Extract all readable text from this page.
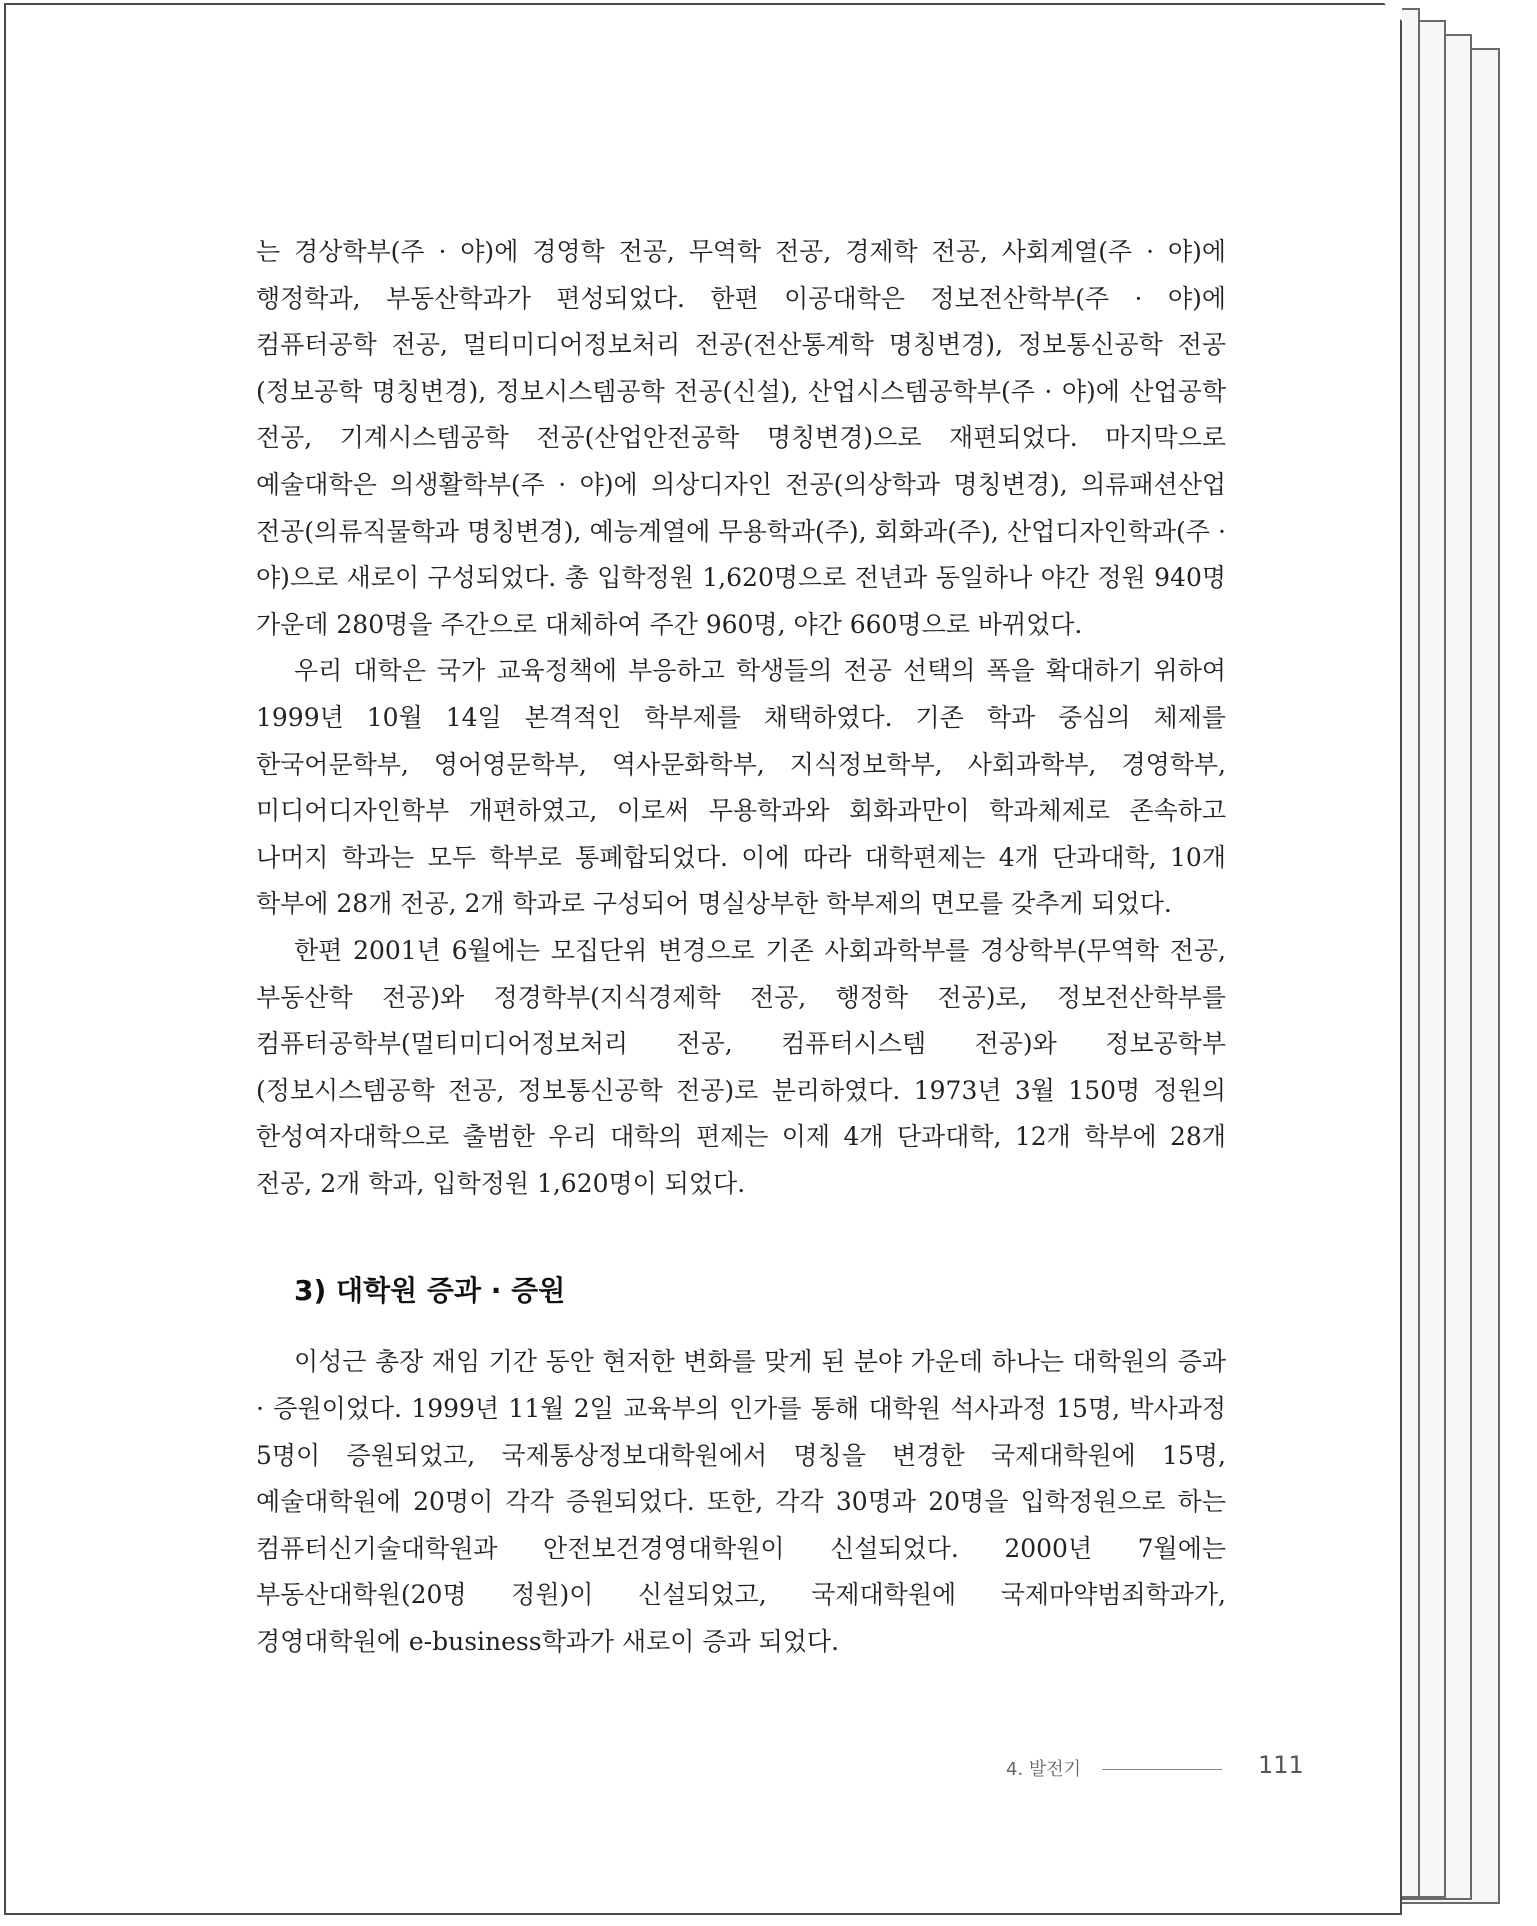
는 경상학부(주 · 야)에 경영학 전공, 무역학 전공, 경제학 전공, 사회계열(주 · 야)에 행정학과, 부동산학과가 편성되었다. 한편 이공대학은 정보전산학부(주 · 야)에 컴퓨터공학 전공, 멀티미디어정보처리 전공(전산통계학 명칭변경), 정보통신공학 전공(정보공학 명칭변경), 정보시스템공학 전공(신설), 산업시스템공학부(주 · 야)에 산업공학 전공, 기계시스템공학 전공(산업안전공학 명칭변경)으로 재편되었다. 마지막으로 예술대학은 의생활학부(주 · 야)에 의상디자인 전공(의상학과 명칭변경), 의류패션산업 전공(의류직물학과 명칭변경), 예능계열에 무용학과(주), 회화과(주), 산업디자인학과(주 · 야)으로 새로이 구성되었다. 총 입학정원 1,620명으로 전년과 동일하나 야간 정원 940명 가운데 280명을 주간으로 대체하여 주간 960명, 야간 660명으로 바뀌었다.

우리 대학은 국가 교육정책에 부응하고 학생들의 전공 선택의 폭을 확대하기 위하여 1999년 10월 14일 본격적인 학부제를 채택하였다. 기존 학과 중심의 체제를 한국어문학부, 영어영문학부, 역사문화학부, 지식정보학부, 사회과학부, 경영학부, 미디어디자인학부 개편하였고, 이로써 무용학과와 회화과만이 학과체제로 존속하고 나머지 학과는 모두 학부로 통폐합되었다. 이에 따라 대학편제는 4개 단과대학, 10개 학부에 28개 전공, 2개 학과로 구성되어 명실상부한 학부제의 면모를 갖추게 되었다.

한편 2001년 6월에는 모집단위 변경으로 기존 사회과학부를 경상학부(무역학 전공, 부동산학 전공)와 정경학부(지식경제학 전공, 행정학 전공)로, 정보전산학부를 컴퓨터공학부(멀티미디어정보처리 전공, 컴퓨터시스템 전공)와 정보공학부(정보시스템공학 전공, 정보통신공학 전공)로 분리하였다. 1973년 3월 150명 정원의 한성여자대학으로 출범한 우리 대학의 편제는 이제 4개 단과대학, 12개 학부에 28개 전공, 2개 학과, 입학정원 1,620명이 되었다.

3) 대학원 증과 · 증원

이성근 총장 재임 기간 동안 현저한 변화를 맞게 된 분야 가운데 하나는 대학원의 증과 · 증원이었다. 1999년 11월 2일 교육부의 인가를 통해 대학원 석사과정 15명, 박사과정 5명이 증원되었고, 국제통상정보대학원에서 명칭을 변경한 국제대학원에 15명, 예술대학원에 20명이 각각 증원되었다. 또한, 각각 30명과 20명을 입학정원으로 하는 컴퓨터신기술대학원과 안전보건경영대학원이 신설되었다. 2000년 7월에는 부동산대학원(20명 정원)이 신설되었고, 국제대학원에 국제마약범죄학과가, 경영대학원에 e-business학과가 새로이 증과 되었다.

4. 발전기	111
